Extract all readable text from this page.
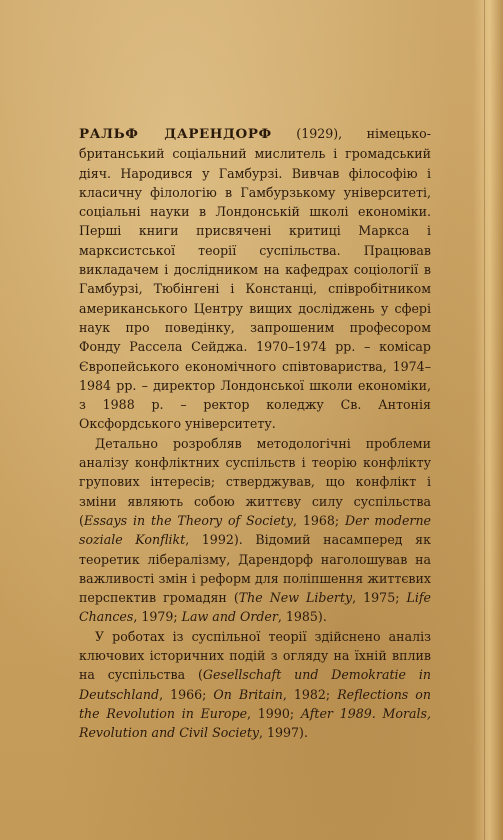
РАЛЬФ ДАРЕНДОРФ (1929), німецько-британський соціальний мислитель і громадський діяч. Народився у Гамбурзі. Вивчав філософію і класичну філологію в Гамбурзькому університеті, соціальні науки в Лондонській школі економіки. Перші книги присвячені критиці Маркса і марксистської теорії суспільства. Працював викладачем і дослідником на кафедрах соціології в Гамбурзі, Тюбінгені і Констанці, співробітником американського Центру вищих досліджень у сфері наук про поведінку, запрошеним професором Фонду Рассела Сейджа. 1970–1974 рр. – комісар Європейського економічного співтовариства, 1974–1984 рр. – директор Лондонської школи економіки, з 1988 р. – ректор коледжу Св. Антонія Оксфордського університету.

Детально розробляв методологічні проблеми аналізу конфліктних суспільств і теорію конфлікту групових інтересів; стверджував, що конфлікт і зміни являють собою життєву силу суспільства (Essays in the Theory of Society, 1968; Der moderne soziale Konflikt, 1992). Відомий насамперед як теоретик лібералізму, Дарендорф наголошував на важливості змін і реформ для поліпшення життєвих перспектив громадян (The New Liberty, 1975; Life Chances, 1979; Law and Order, 1985).

У роботах із суспільної теорії здійснено аналіз ключових історичних подій з огляду на їхній вплив на суспільства (Gesellschaft und Demokratie in Deutschland, 1966; On Britain, 1982; Reflections on the Revolution in Europe, 1990; After 1989. Morals, Revolution and Civil Society, 1997).
